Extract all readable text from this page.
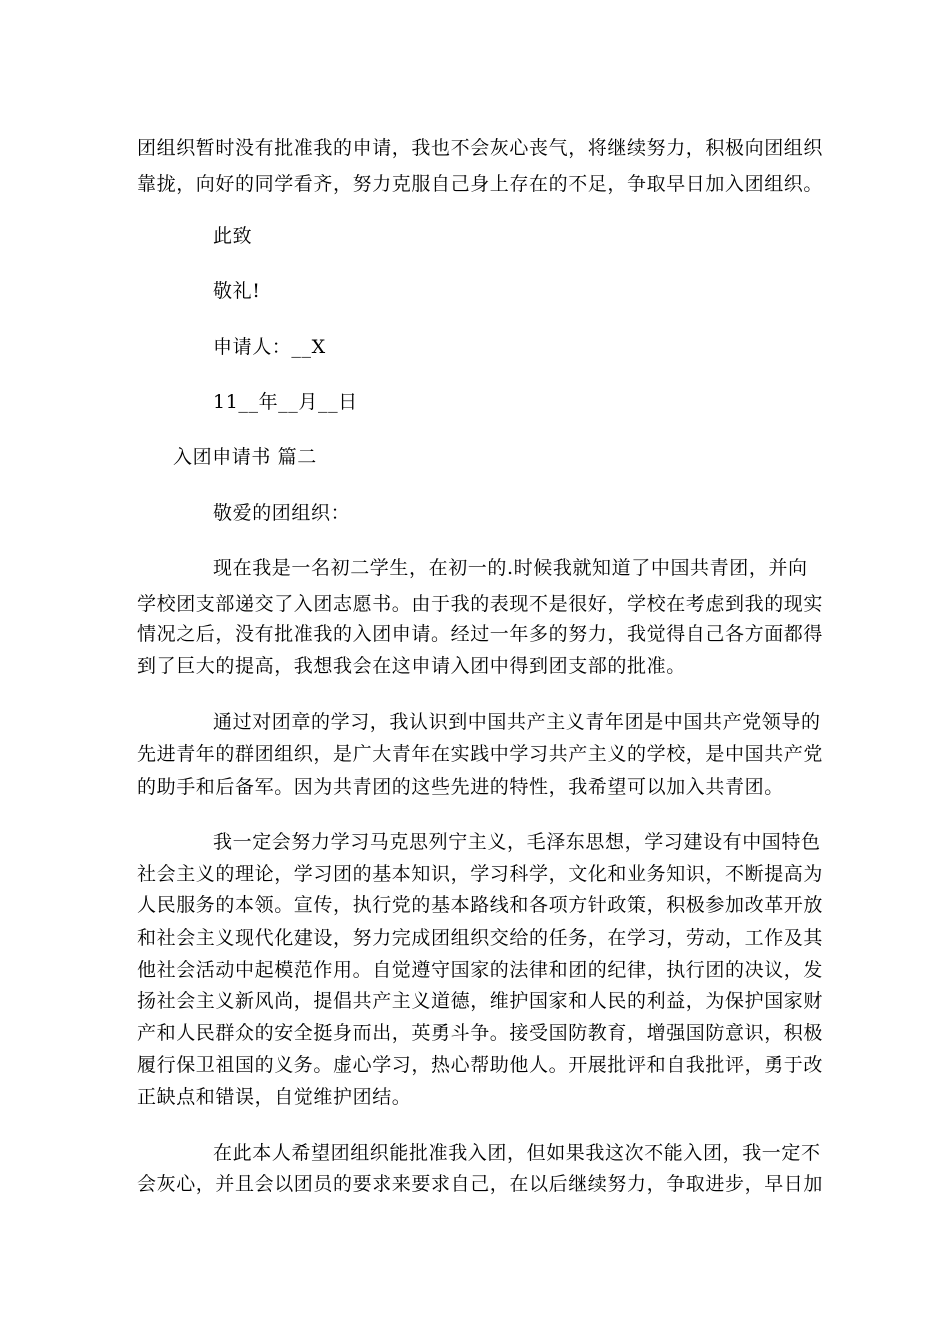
团组织暂时没有批准我的申请，我也不会灰心丧气，将继续努力，积极向团组织
靠拢，向好的同学看齐，努力克服自己身上存在的不足，争取早日加入团组织。
此致
敬礼!
申请人：__X
11__年__月__日
入团申请书 篇二
敬爱的团组织：
现在我是一名初二学生，在初一的.时候我就知道了中国共青团，并向
学校团支部递交了入团志愿书。由于我的表现不是很好，学校在考虑到我的现实
情况之后，没有批准我的入团申请。经过一年多的努力，我觉得自己各方面都得
到了巨大的提高，我想我会在这申请入团中得到团支部的批准。
通过对团章的学习，我认识到中国共产主义青年团是中国共产党领导的
先进青年的群团组织，是广大青年在实践中学习共产主义的学校，是中国共产党
的助手和后备军。因为共青团的这些先进的特性，我希望可以加入共青团。
我一定会努力学习马克思列宁主义，毛泽东思想，学习建设有中国特色
社会主义的理论，学习团的基本知识，学习科学，文化和业务知识，不断提高为
人民服务的本领。宣传，执行党的基本路线和各项方针政策，积极参加改革开放
和社会主义现代化建设，努力完成团组织交给的任务，在学习，劳动，工作及其
他社会活动中起模范作用。自觉遵守国家的法律和团的纪律，执行团的决议，发
扬社会主义新风尚，提倡共产主义道德，维护国家和人民的利益，为保护国家财
产和人民群众的安全挺身而出，英勇斗争。接受国防教育，增强国防意识，积极
履行保卫祖国的义务。虚心学习，热心帮助他人。开展批评和自我批评，勇于改
正缺点和错误，自觉维护团结。
在此本人希望团组织能批准我入团，但如果我这次不能入团，我一定不
会灰心，并且会以团员的要求来要求自己，在以后继续努力，争取进步，早日加
